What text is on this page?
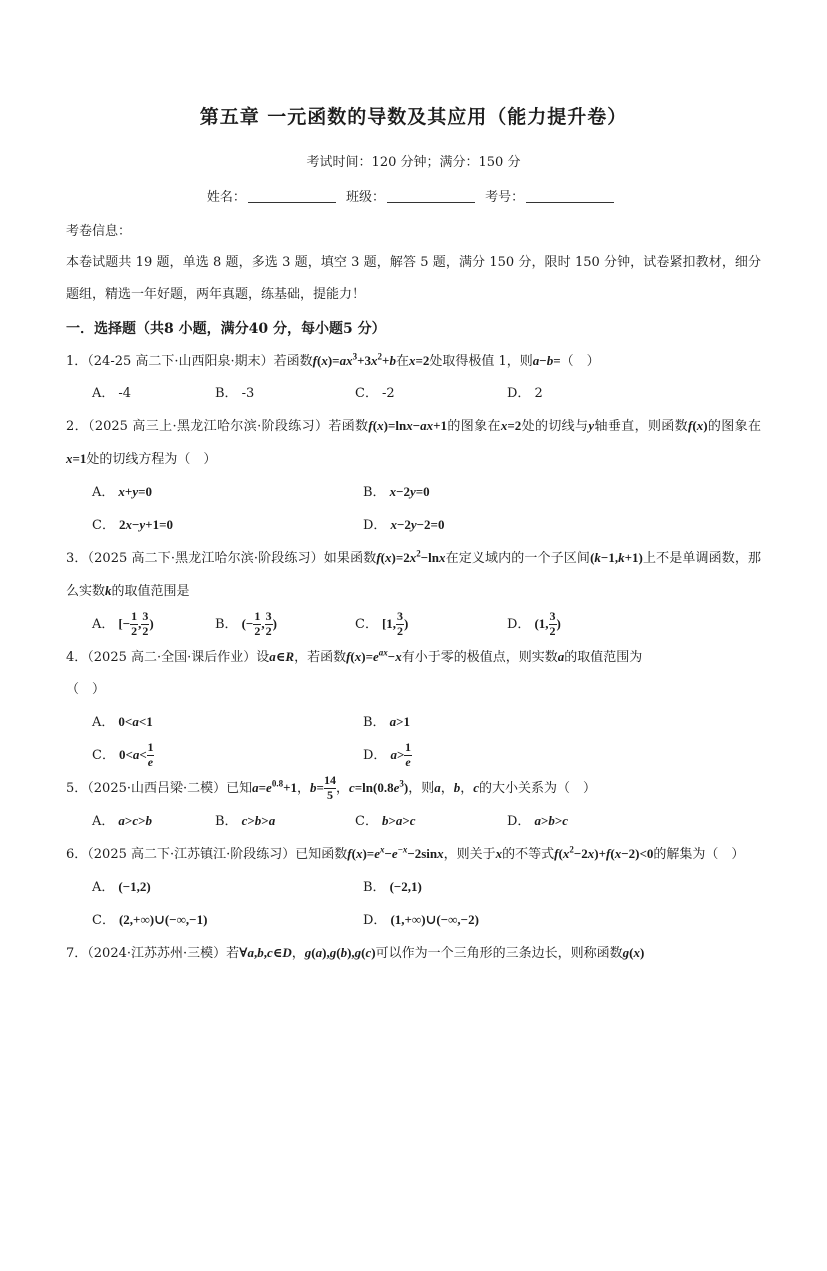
第五章 一元函数的导数及其应用（能力提升卷）
考试时间：120 分钟；满分：150 分
姓名：	班级：	考号：
考卷信息：
本卷试题共 19 题，单选 8 题，多选 3 题，填空 3 题，解答 5 题，满分 150 分，限时 150 分钟，试卷紧扣教材，细分题组，精选一年好题，两年真题，练基础，提能力！
一．选择题（共8 小题，满分40 分，每小题5 分）
1．（24-25 高二下·山西阳泉·期末）若函数$f(x)=ax^3+3x^2+b$在x=2处取得极值 1，则a−b=（　）
A． -4	B． -3	C． -2	D． 2
2．（2025 高三上·黑龙江哈尔滨·阶段练习）若函数f(x)=lnx−ax+1的图象在x=2处的切线与y轴垂直，则函数f(x)的图象在x=1处的切线方程为（　）
A． x+y=0	B． x−2y=0
C． 2x−y+1=0	D． x−2y−2=0
3．（2025 高二下·黑龙江哈尔滨·阶段练习）如果函数$f(x)=2x^2-\ln x$在定义域内的一个子区间(k−1,k+1)上不是单调函数，那么实数k的取值范围是
A． [− $\frac{1}{2}$ , $\frac{3}{2}$ )	B． (− $\frac{1}{2}$ , $\frac{3}{2}$ )	C． [1, $\frac{3}{2}$ )	D． (1, $\frac{3}{2}$ )
4．（2025 高二·全国·课后作业）设a∈R，若函数$f(x)=e^{ax}-x$有小于零的极值点，则实数a的取值范围为
（　）
A． 0<a<1	B． a>1
C． $0<a< \frac{1}{e}$	D． $a> \frac{1}{e}$
5．（2025·山西吕梁·二模）已知$a=e^{0.8}+1$，$b= \frac{14}{5}$ ，$c=\ln(0.8e^3)$，则a，b，c的大小关系为（　）
A． a>c>b	B． c>b>a	C． b>a>c	D． a>b>c
6．（2025 高二下·江苏镇江·阶段练习）已知函数$f(x)=e^x-e^{-x}-2\sin x$，则关于x的不等式$f(x^2-2x)+f(x-2)<0$的解集为（　）
A． (−1,2)	B． (−2,1)
C． (2,+∞)∪(−∞,−1)	D． (1,+∞)∪(−∞,−2)
7．（2024·江苏苏州·三模）若∀a,b,c∈D，g(a),g(b),g(c)可以作为一个三角形的三条边长，则称函数g(x)
